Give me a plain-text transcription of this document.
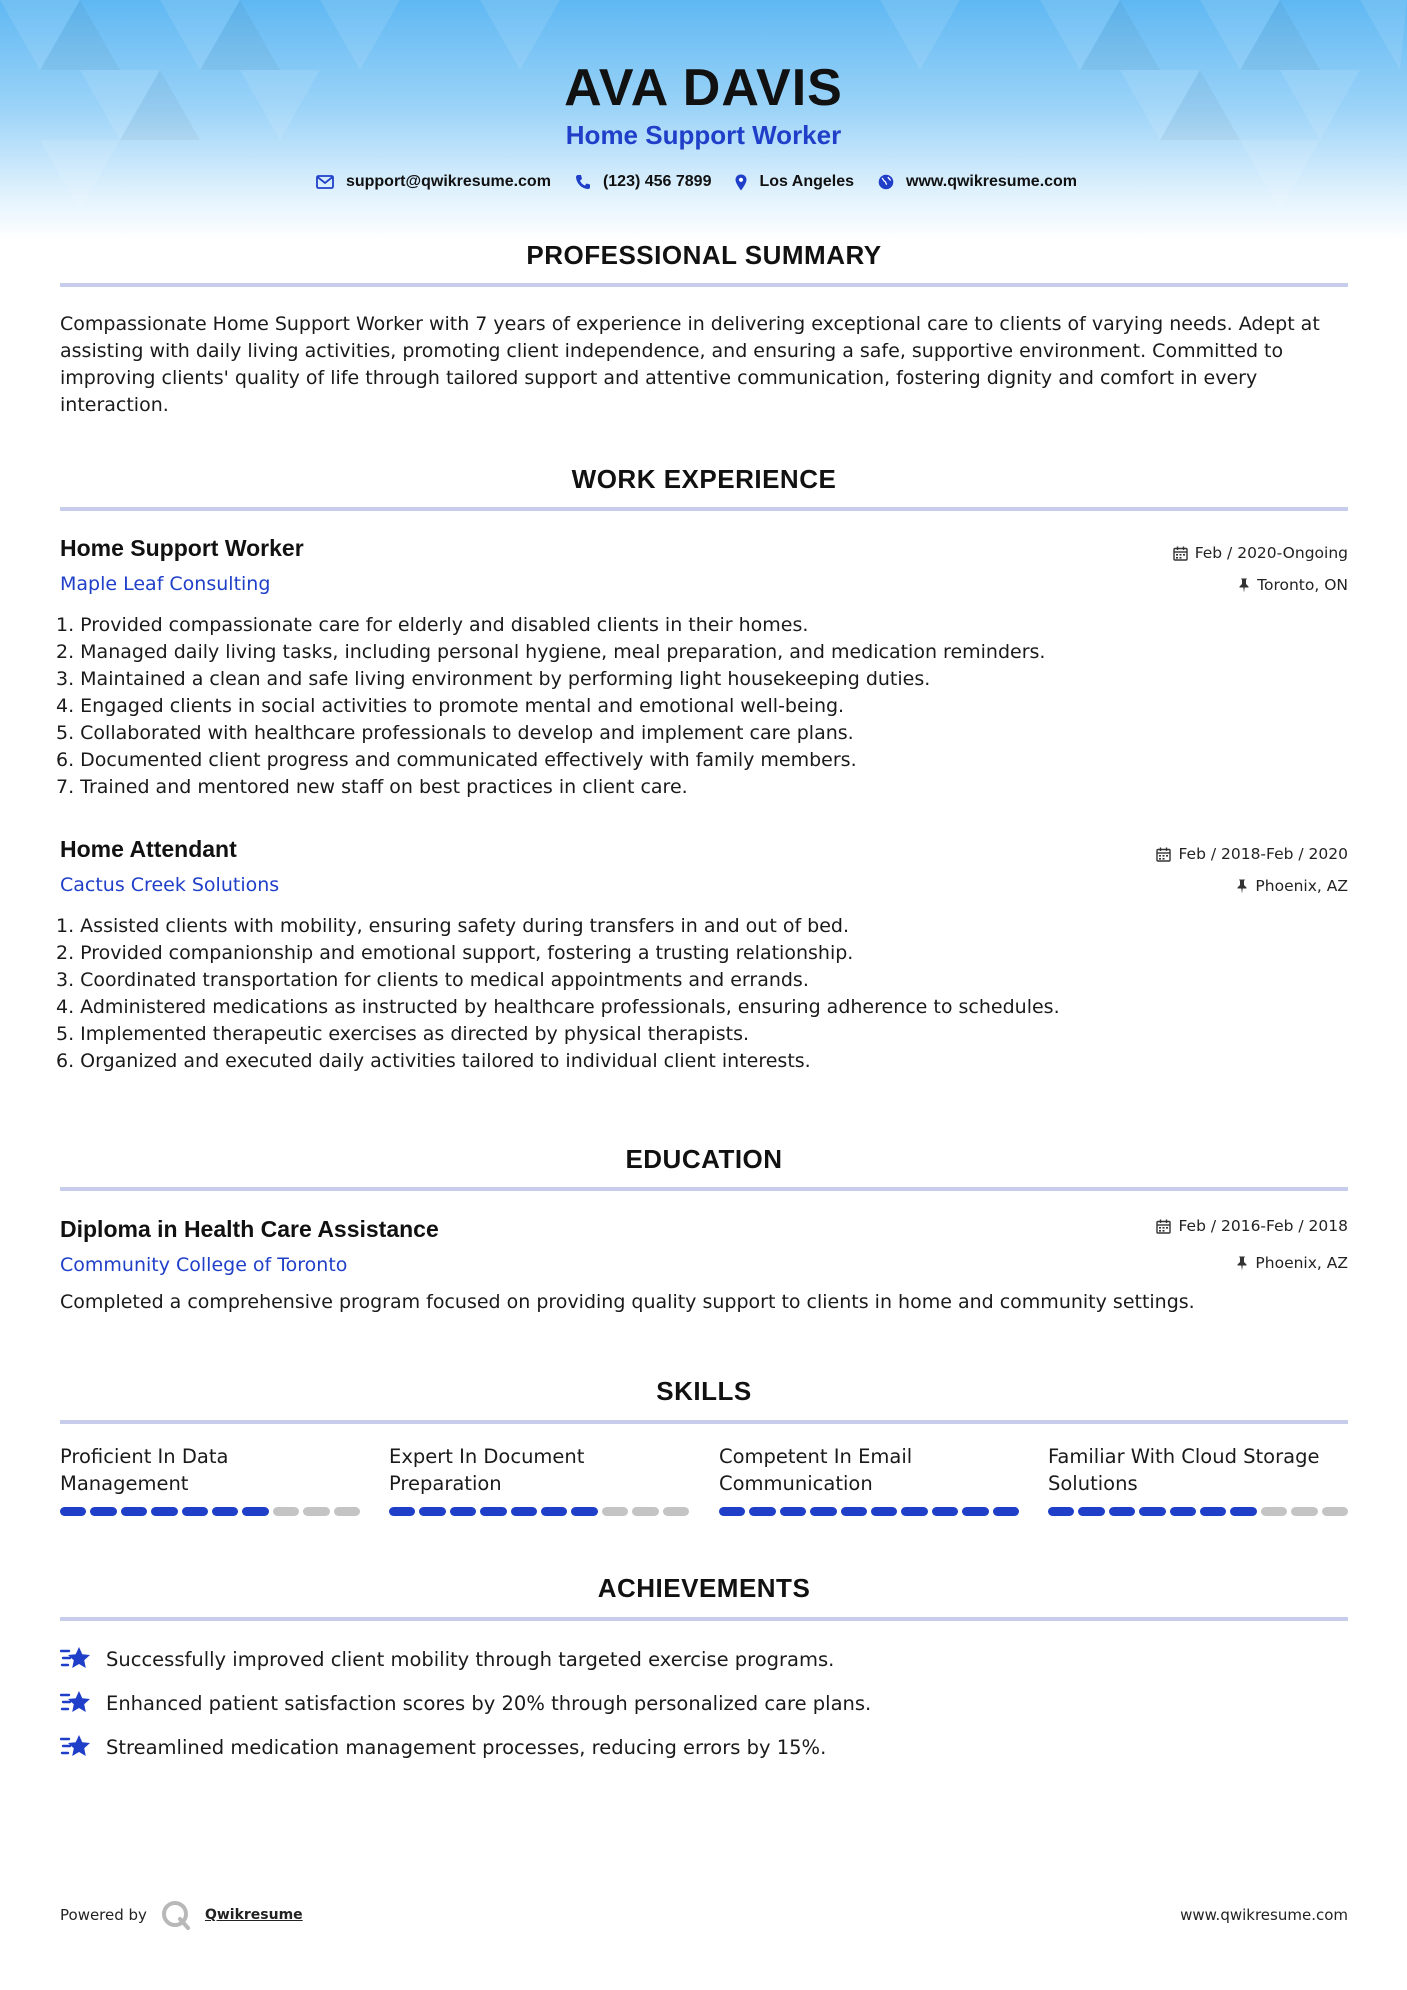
AVA DAVIS
Home Support Worker
support@qwikresume.com	(123) 456 7899	Los Angeles	www.qwikresume.com
PROFESSIONAL SUMMARY
Compassionate Home Support Worker with 7 years of experience in delivering exceptional care to clients of varying needs. Adept at assisting with daily living activities, promoting client independence, and ensuring a safe, supportive environment. Committed to improving clients' quality of life through tailored support and attentive communication, fostering dignity and comfort in every interaction.
WORK EXPERIENCE
Home Support Worker	Feb / 2020-Ongoing
Maple Leaf Consulting	Toronto, ON
1. Provided compassionate care for elderly and disabled clients in their homes.
2. Managed daily living tasks, including personal hygiene, meal preparation, and medication reminders.
3. Maintained a clean and safe living environment by performing light housekeeping duties.
4. Engaged clients in social activities to promote mental and emotional well-being.
5. Collaborated with healthcare professionals to develop and implement care plans.
6. Documented client progress and communicated effectively with family members.
7. Trained and mentored new staff on best practices in client care.
Home Attendant	Feb / 2018-Feb / 2020
Cactus Creek Solutions	Phoenix, AZ
1. Assisted clients with mobility, ensuring safety during transfers in and out of bed.
2. Provided companionship and emotional support, fostering a trusting relationship.
3. Coordinated transportation for clients to medical appointments and errands.
4. Administered medications as instructed by healthcare professionals, ensuring adherence to schedules.
5. Implemented therapeutic exercises as directed by physical therapists.
6. Organized and executed daily activities tailored to individual client interests.
EDUCATION
Diploma in Health Care Assistance	Feb / 2016-Feb / 2018
Community College of Toronto	Phoenix, AZ
Completed a comprehensive program focused on providing quality support to clients in home and community settings.
SKILLS
Proficient In Data Management
Expert In Document Preparation
Competent In Email Communication
Familiar With Cloud Storage Solutions
ACHIEVEMENTS
Successfully improved client mobility through targeted exercise programs.
Enhanced patient satisfaction scores by 20% through personalized care plans.
Streamlined medication management processes, reducing errors by 15%.
Powered by	Qwikresume	www.qwikresume.com
